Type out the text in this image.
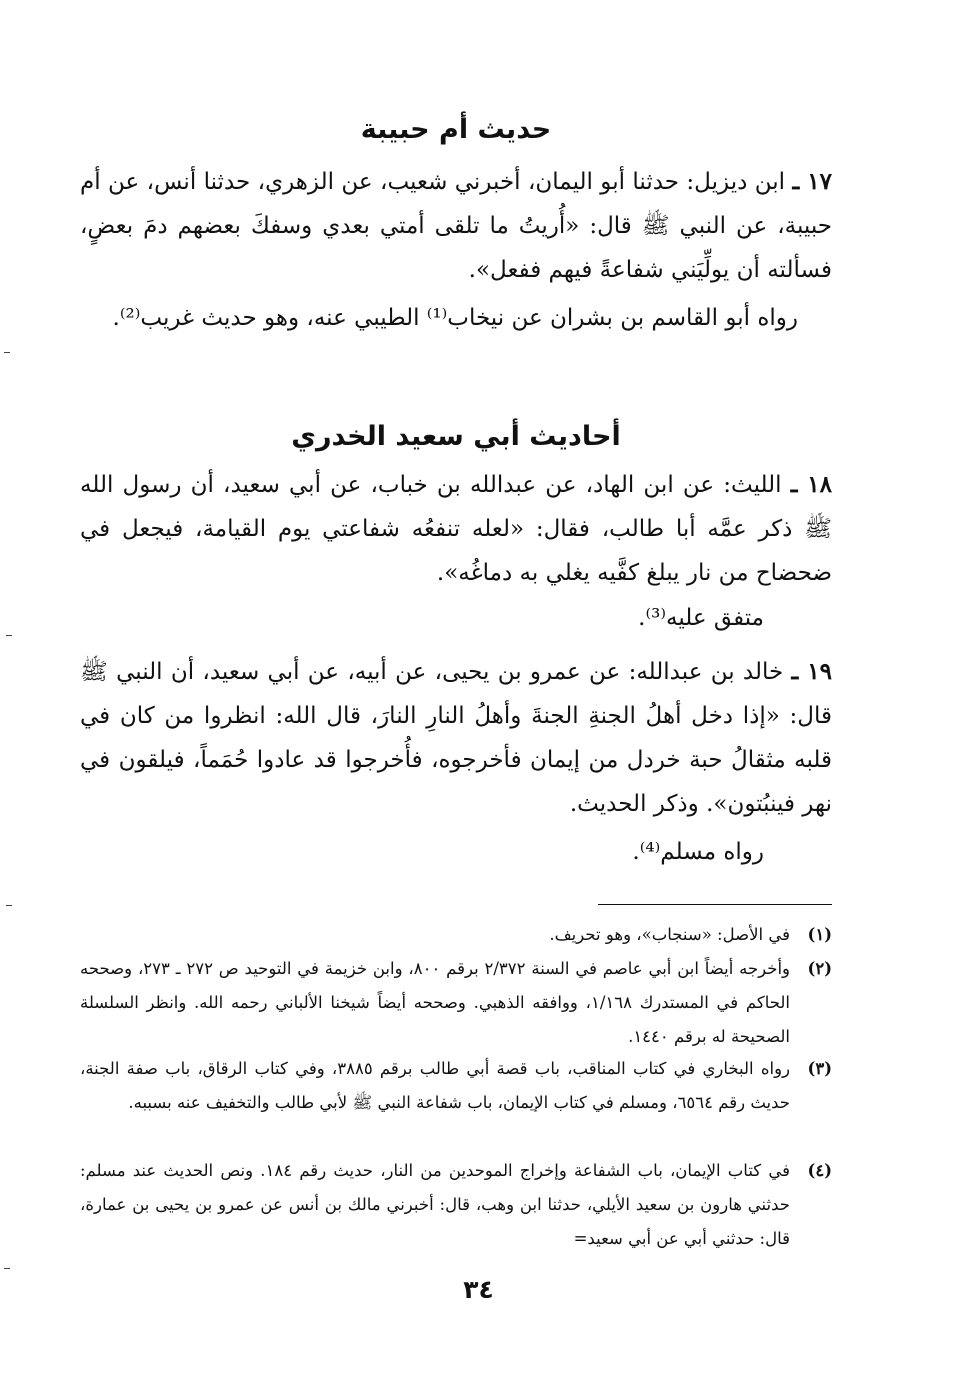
حديث أم حبيبة

١٧ ـ ابن ديزيل: حدثنا أبو اليمان، أخبرني شعيب، عن الزهري، حدثنا أنس، عن أم حبيبة، عن النبي ﷺ قال: «أُريتُ ما تلقى أمتي بعدي وسفكَ بعضهم دمَ بعضٍ، فسألته أن يولِّيَني شفاعةً فيهم ففعل».

رواه أبو القاسم بن بشران عن نيخاب⁽¹⁾ الطيبي عنه، وهو حديث غريب⁽²⁾.

أحاديث أبي سعيد الخدري

١٨ ـ الليث: عن ابن الهاد، عن عبدالله بن خباب، عن أبي سعيد، أن رسول الله ﷺ ذكر عمَّه أبا طالب، فقال: «لعله تنفعُه شفاعتي يوم القيامة، فيجعل في ضحضاح من نار يبلغ كفَّيه يغلي به دماغُه».

متفق عليه⁽³⁾.

١٩ ـ خالد بن عبدالله: عن عمرو بن يحيى، عن أبيه، عن أبي سعيد، أن النبي ﷺ قال: «إذا دخل أهلُ الجنةِ الجنةَ وأهلُ النارِ النارَ، قال الله: انظروا من كان في قلبه مثقالُ حبة خردل من إيمان فأخرجوه، فأُخرجوا قد عادوا حُمَماً، فيلقون في نهر فينبُتون». وذكر الحديث.

رواه مسلم⁽⁴⁾.

(١)
في الأصل: «سنجاب»، وهو تحريف.
(٢)
وأخرجه أيضاً ابن أبي عاصم في السنة ٢/٣٧٢ برقم ٨٠٠، وابن خزيمة في التوحيد ص ٢٧٢ ـ ٢٧٣، وصححه الحاكم في المستدرك ١/١٦٨، ووافقه الذهبي. وصححه أيضاً شيخنا الألباني رحمه الله. وانظر السلسلة الصحيحة له برقم ١٤٤٠.
(٣)
رواه البخاري في كتاب المناقب، باب قصة أبي طالب برقم ٣٨٨٥، وفي كتاب الرقاق، باب صفة الجنة، حديث رقم ٦٥٦٤، ومسلم في كتاب الإيمان، باب شفاعة النبي ﷺ لأبي طالب والتخفيف عنه بسببه.
(٤)
في كتاب الإيمان، باب الشفاعة وإخراج الموحدين من النار، حديث رقم ١٨٤. ونص الحديث عند مسلم: حدثني هارون بن سعيد الأيلي، حدثنا ابن وهب، قال: أخبرني مالك بن أنس عن عمرو بن يحيى بن عمارة، قال: حدثني أبي عن أبي سعيد=
٣٤
